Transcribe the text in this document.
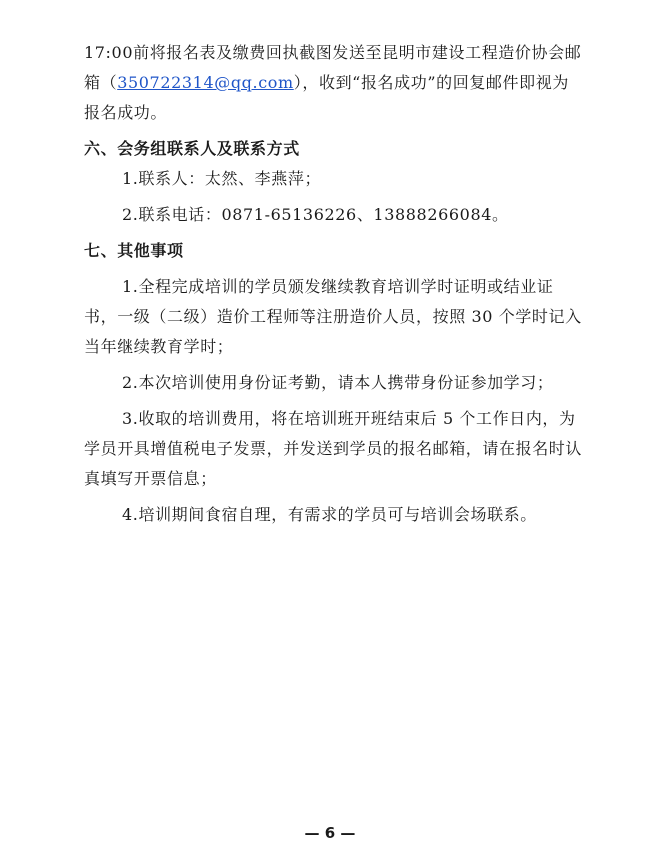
17:00前将报名表及缴费回执截图发送至昆明市建设工程造价协会邮箱（350722314@qq.com），收到“报名成功”的回复邮件即视为报名成功。

六、会务组联系人及联系方式

1.联系人：太然、李燕萍；

2.联系电话：0871-65136226、13888266084。

七、其他事项

1.全程完成培训的学员颁发继续教育培训学时证明或结业证书，一级（二级）造价工程师等注册造价人员，按照 30 个学时记入当年继续教育学时；

2.本次培训使用身份证考勤，请本人携带身份证参加学习；

3.收取的培训费用，将在培训班开班结束后 5 个工作日内，为学员开具增值税电子发票，并发送到学员的报名邮箱，请在报名时认真填写开票信息；

4.培训期间食宿自理，有需求的学员可与培训会场联系。

— 6 —
